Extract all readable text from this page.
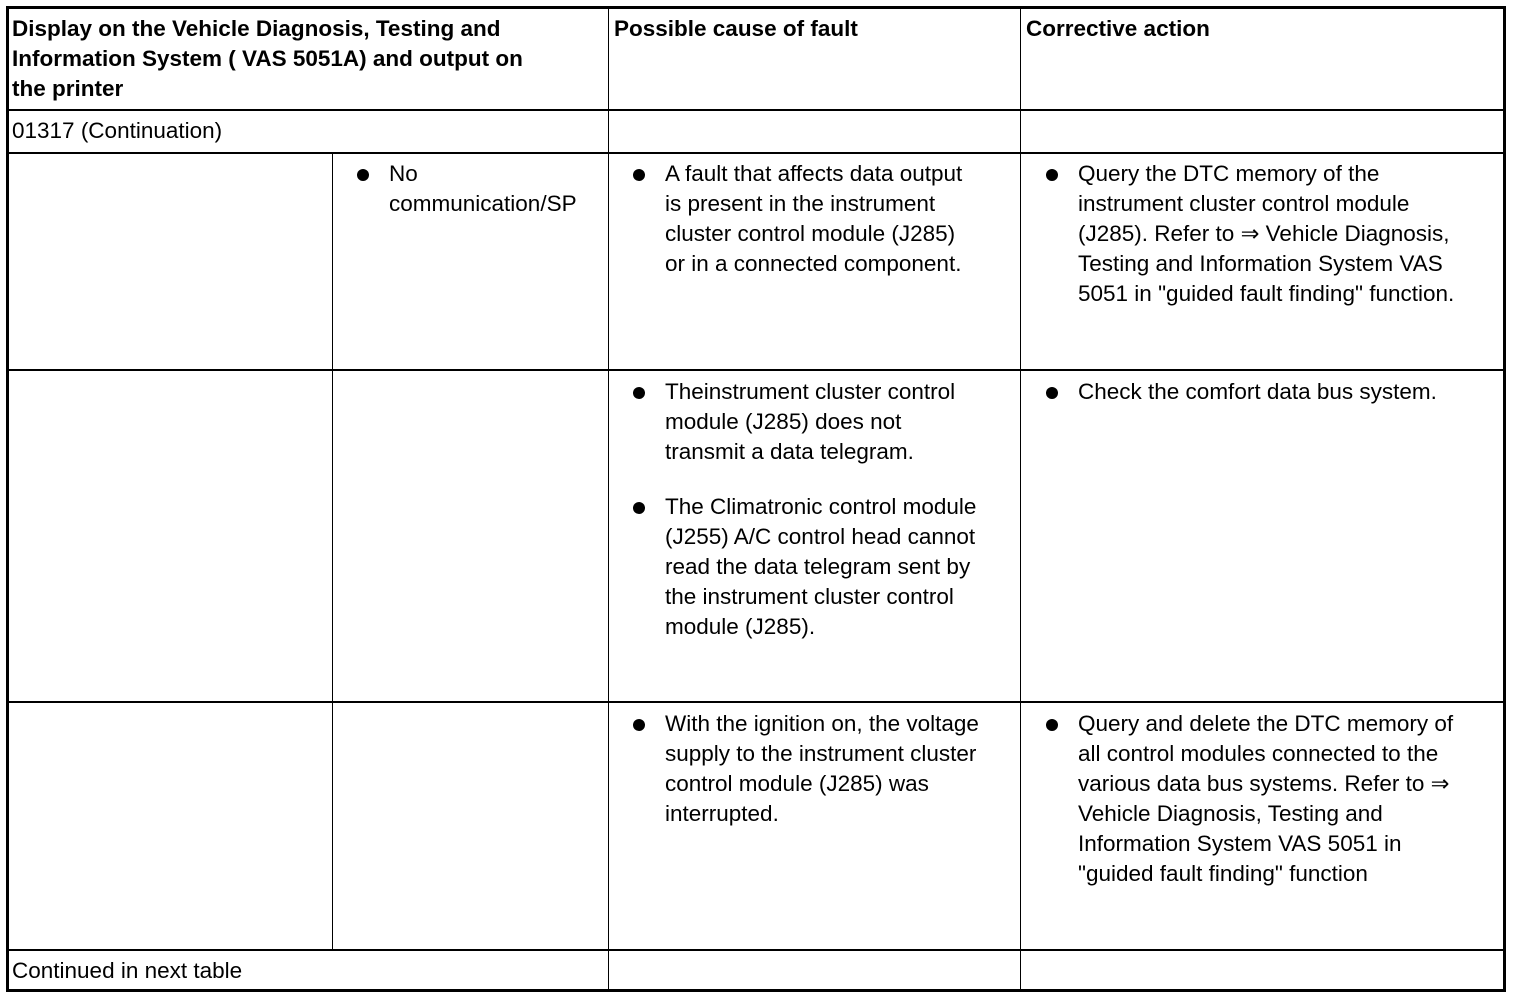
Display on the Vehicle Diagnosis, Testing and
Information System ( VAS 5051A) and output on
the printer
Possible cause of fault	Corrective action
01317 (Continuation)
No
communication/SP
A fault that affects data output
is present in the instrument
cluster control module (J285)
or in a connected component.
Query the DTC memory of the
instrument cluster control module
(J285). Refer to ⇒ Vehicle Diagnosis,
Testing and Information System VAS
5051 in "guided fault finding" function.
Theinstrument cluster control
module (J285) does not
transmit a data telegram.
The Climatronic control module
(J255) A/C control head cannot
read the data telegram sent by
the instrument cluster control
module (J285).
Check the comfort data bus system.
With the ignition on, the voltage
supply to the instrument cluster
control module (J285) was
interrupted.
Query and delete the DTC memory of
all control modules connected to the
various data bus systems. Refer to ⇒
Vehicle Diagnosis, Testing and
Information System VAS 5051 in
"guided fault finding" function
Continued in next table
